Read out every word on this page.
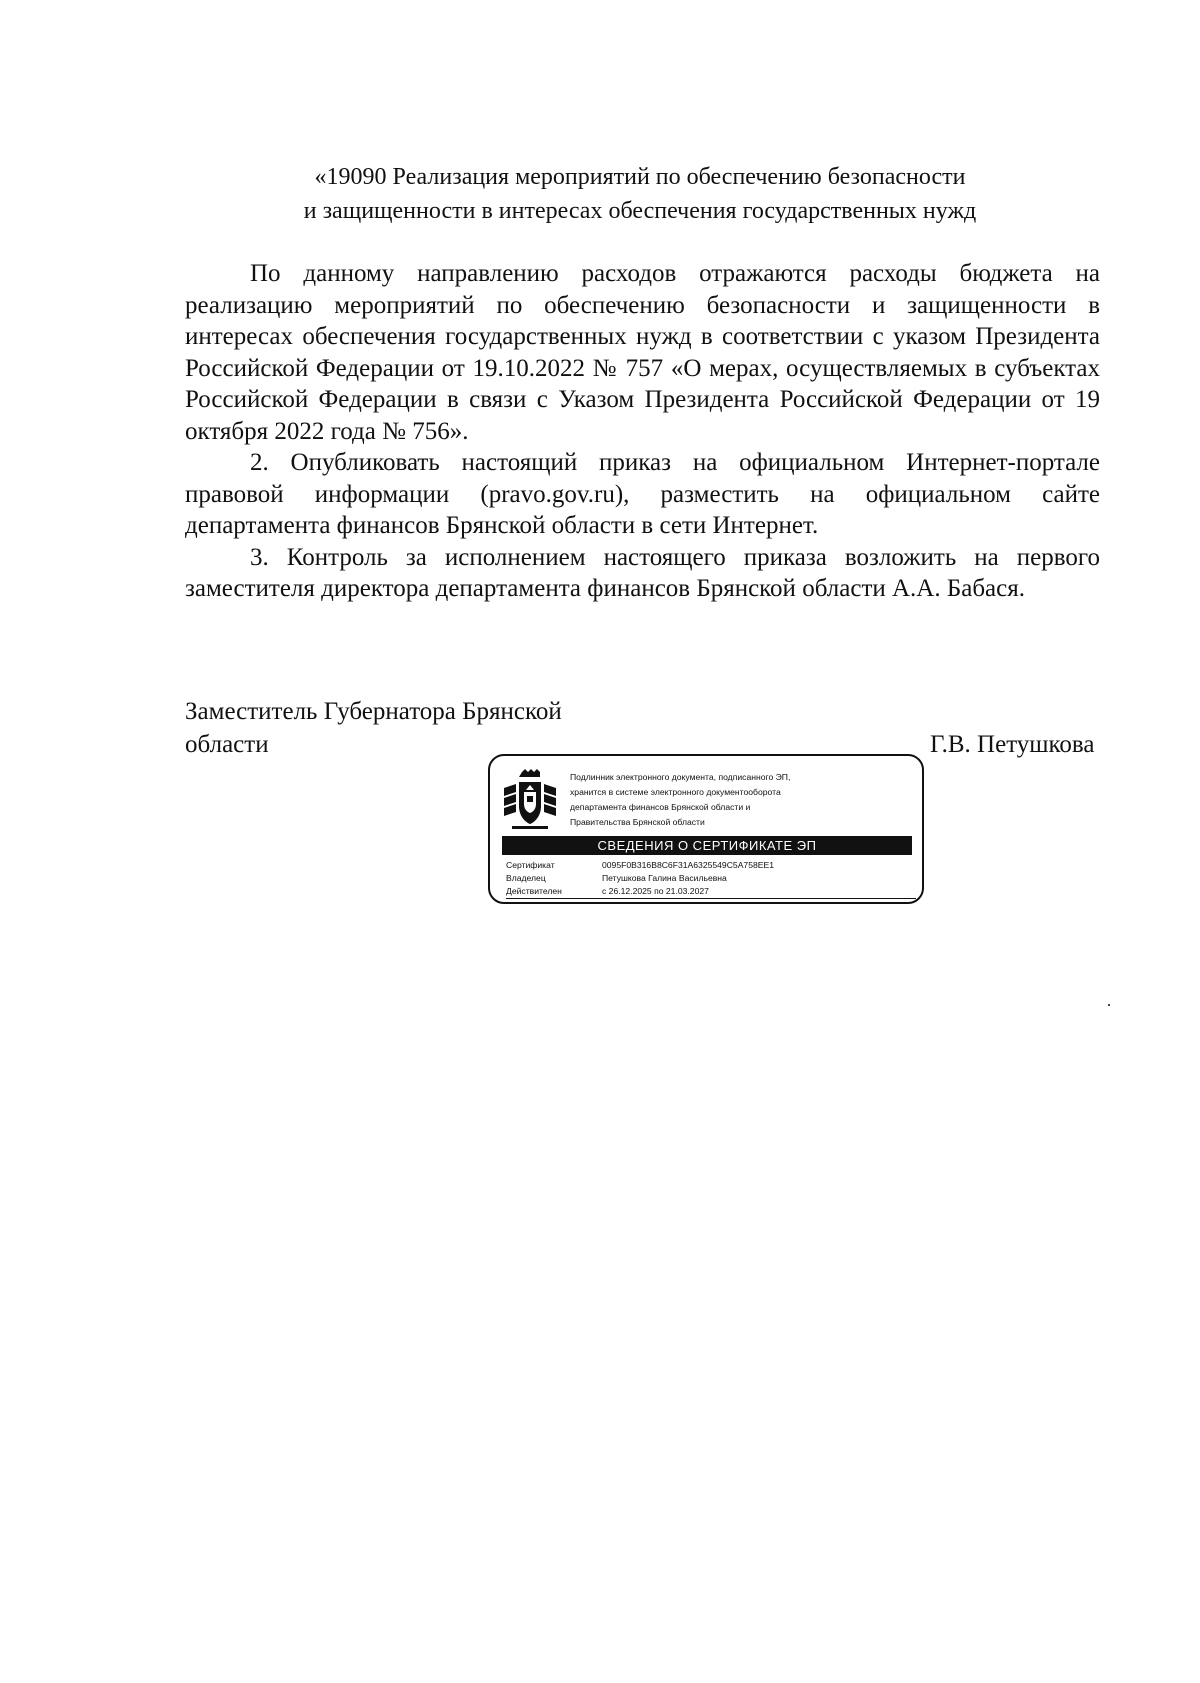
«19090 Реализация мероприятий по обеспечению безопасности
и защищенности в интересах обеспечения государственных нужд

По данному направлению расходов отражаются расходы бюджета на реализацию мероприятий по обеспечению безопасности и защищенности в интересах обеспечения государственных нужд в соответствии с указом Президента Российской Федерации от 19.10.2022 № 757 «О мерах, осуществляемых в субъектах Российской Федерации в связи с Указом Президента Российской Федерации от 19 октября 2022 года № 756».

2. Опубликовать настоящий приказ на официальном Интернет-портале правовой информации (pravo.gov.ru), разместить на официальном сайте департамента финансов Брянской области в сети Интернет.

3. Контроль за исполнением настоящего приказа возложить на первого заместителя директора департамента финансов Брянской области А.А. Бабася.

Заместитель Губернатора Брянской
области	Г.В. Петушкова
Подлинник электронного документа, подписанного ЭП,
хранится в системе электронного документооборота
департамента финансов Брянской области и
Правительства Брянской области
СВЕДЕНИЯ О СЕРТИФИКАТЕ ЭП
Сертификат	0095F0B316B8C6F31A6325549C5A758EE1
Владелец	Петушкова Галина Васильевна
Действителен	с 26.12.2025 по 21.03.2027
